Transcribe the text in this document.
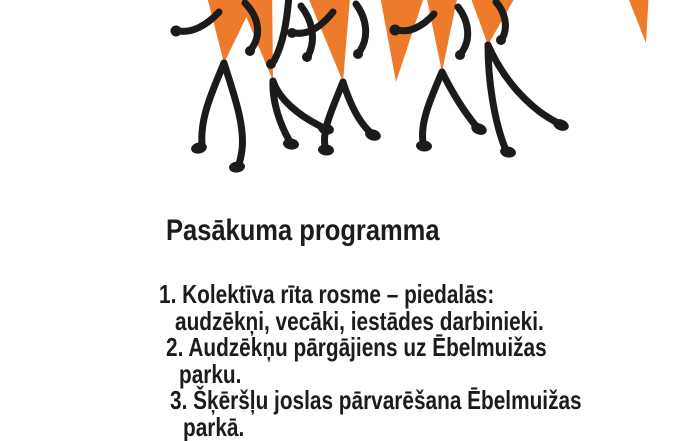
Pasākuma programma
1. Kolektīva rīta rosme – piedalās:
audzēkņi, vecāki, iestādes darbinieki.
2. Audzēkņu pārgājiens uz Ēbelmuižas
parku.
3. Šķēršļu joslas pārvarēšana Ēbelmuižas
parkā.
